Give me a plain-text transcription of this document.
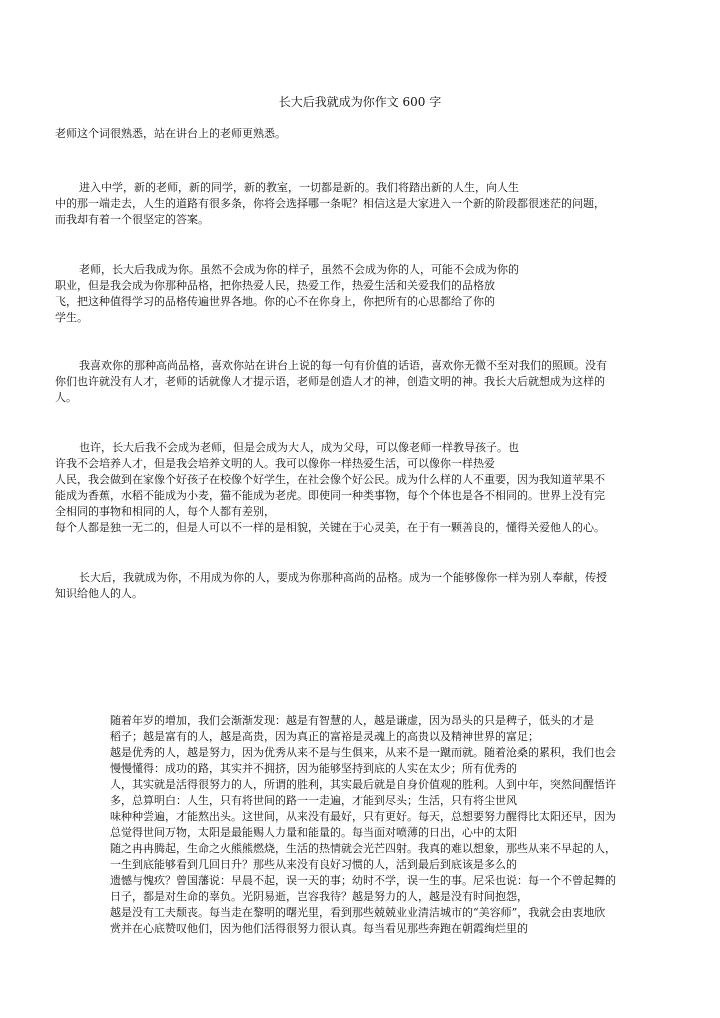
长大后我就成为你作文 600 字
老师这个词很熟悉，站在讲台上的老师更熟悉。
进入中学，新的老师，新的同学，新的教室，一切都是新的。我们将踏出新的人生，向人生
中的那一端走去，人生的道路有很多条，你将会选择哪一条呢？相信这是大家进入一个新的阶段都很迷茫的问题，
而我却有着一个很坚定的答案。
老师，长大后我成为你。虽然不会成为你的样子，虽然不会成为你的人，可能不会成为你的
职业，但是我会成为你那种品格，把你热爱人民，热爱工作，热爱生活和关爱我们的品格放
飞，把这种值得学习的品格传遍世界各地。你的心不在你身上，你把所有的心思都给了你的
学生。
我喜欢你的那种高尚品格，喜欢你站在讲台上说的每一句有价值的话语，喜欢你无微不至对我们的照顾。没有
你们也许就没有人才，老师的话就像人才提示语，老师是创造人才的神，创造文明的神。我长大后就想成为这样的
人。
也许，长大后我不会成为老师，但是会成为大人，成为父母，可以像老师一样教导孩子。也
许我不会培养人才，但是我会培养文明的人。我可以像你一样热爱生活，可以像你一样热爱
人民，我会做到在家像个好孩子在校像个好学生，在社会像个好公民。成为什么样的人不重要，因为我知道苹果不
能成为香蕉，水稻不能成为小麦，猫不能成为老虎。即使同一种类事物，每个个体也是各不相同的。世界上没有完
全相同的事物和相同的人，每个人都有差别，
每个人都是独一无二的，但是人可以不一样的是相貌，关键在于心灵美，在于有一颗善良的，懂得关爱他人的心。
长大后，我就成为你，不用成为你的人，要成为你那种高尚的品格。成为一个能够像你一样为别人奉献，传授
知识给他人的人。
随着年岁的增加，我们会渐渐发现：越是有智慧的人，越是谦虚，因为昂头的只是稗子，低头的才是
稻子；越是富有的人，越是高贵，因为真正的富裕是灵魂上的高贵以及精神世界的富足；
越是优秀的人，越是努力，因为优秀从来不是与生俱来，从来不是一蹴而就。随着沧桑的累积，我们也会
慢慢懂得：成功的路，其实并不拥挤，因为能够坚持到底的人实在太少；所有优秀的
人，其实就是活得很努力的人，所谓的胜利，其实最后就是自身价值观的胜利。人到中年，突然间醒悟许
多，总算明白：人生，只有将世间的路一一走遍，才能到尽头；生活，只有将尘世风
味种种尝遍，才能熬出头。这世间，从来没有最好，只有更好。每天，总想要努力醒得比太阳还早，因为
总觉得世间万物，太阳是最能赐人力量和能量的。每当面对喷薄的日出，心中的太阳
随之冉冉腾起，生命之火熊熊燃烧，生活的热情就会光芒四射。我真的难以想象，那些从来不早起的人，
一生到底能够看到几回日升？那些从来没有良好习惯的人，活到最后到底该是多么的
遗憾与愧疚？曾国藩说：早晨不起，误一天的事；幼时不学，误一生的事。尼采也说：每一个不曾起舞的
日子，都是对生命的辜负。光阴易逝，岂容我待？越是努力的人，越是没有时间抱怨，
越是没有工夫颓丧。每当走在黎明的曙光里，看到那些兢兢业业清洁城市的“美容师”，我就会由衷地欣
赏并在心底赞叹他们，因为他们活得很努力很认真。每当看见那些奔跑在朝霞绚烂里的
